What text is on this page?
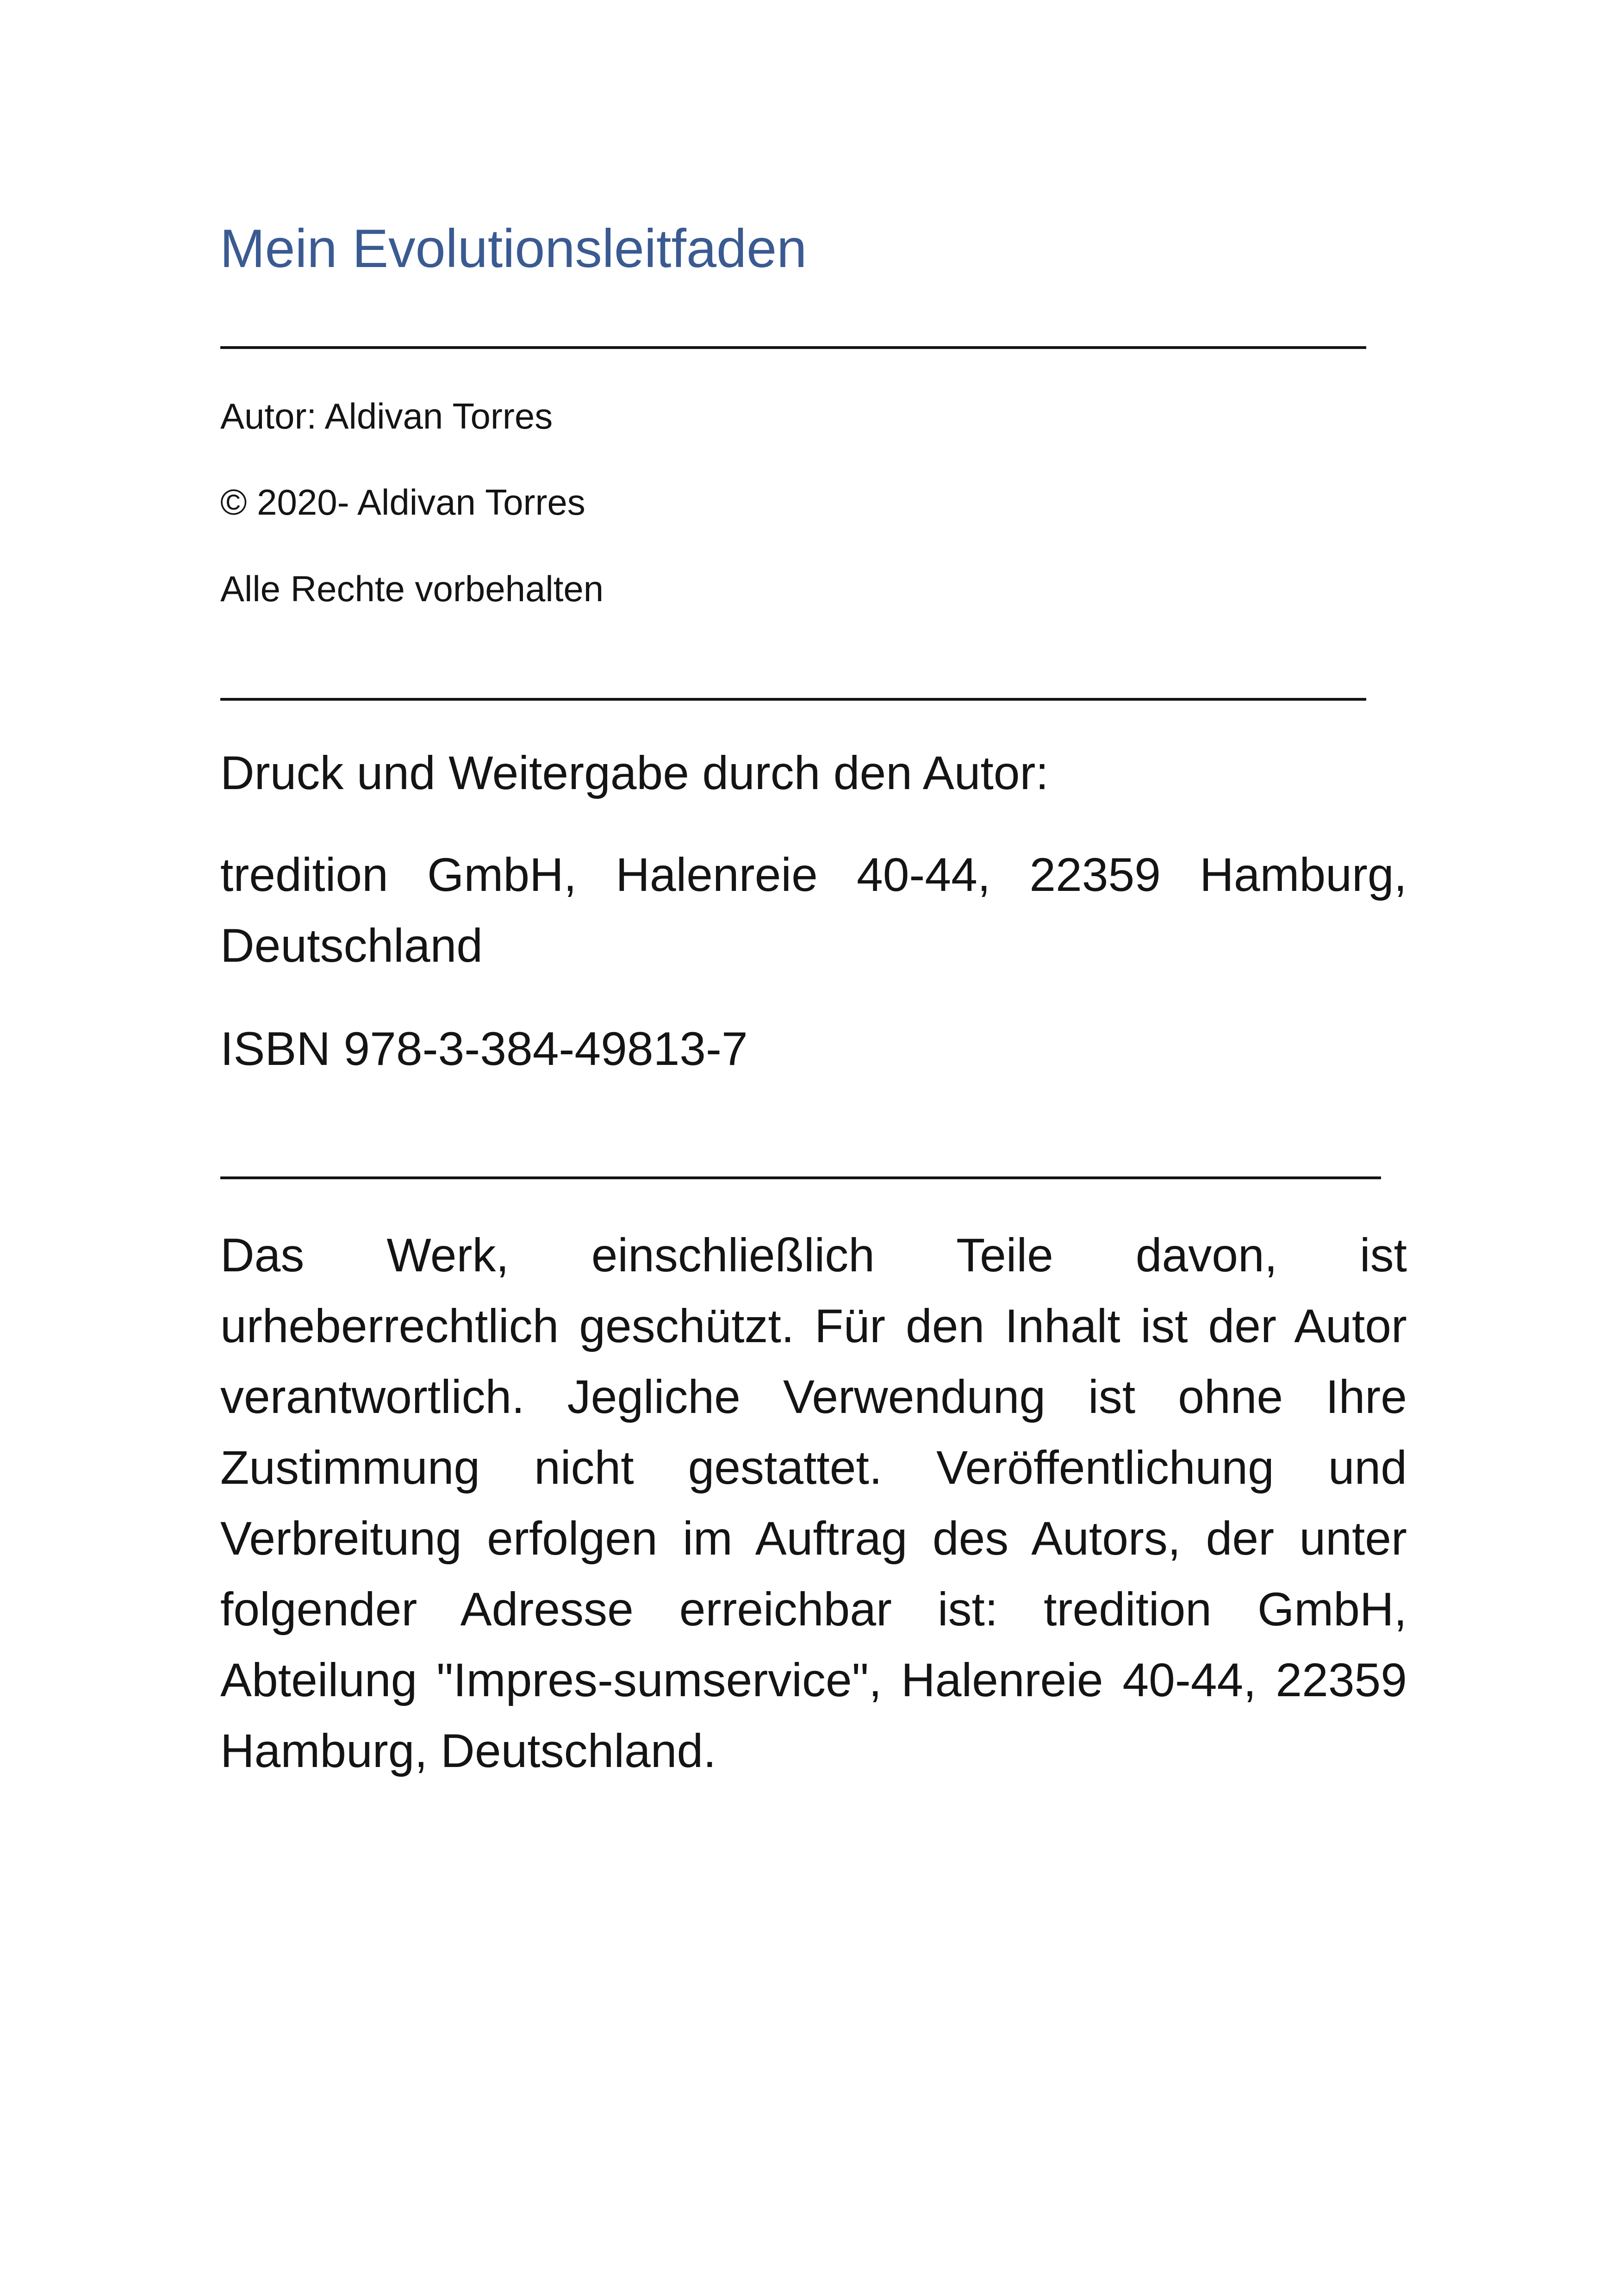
Mein Evolutionsleitfaden
Autor: Aldivan Torres
© 2020- Aldivan Torres
Alle Rechte vorbehalten
Druck und Weitergabe durch den Autor:
tredition GmbH, Halenreie 40-44, 22359 Hamburg, Deutschland
ISBN 978-3-384-49813-7
Das Werk, einschließlich Teile davon, ist urheberrechtlich geschützt. Für den Inhalt ist der Autor verantwortlich. Jegliche Verwendung ist ohne Ihre Zustimmung nicht gestattet. Veröffentlichung und Verbreitung erfolgen im Auftrag des Autors, der unter folgender Adresse erreichbar ist: tredition GmbH, Abteilung "Impres-sumservice", Halenreie 40-44, 22359 Hamburg, Deutschland.
